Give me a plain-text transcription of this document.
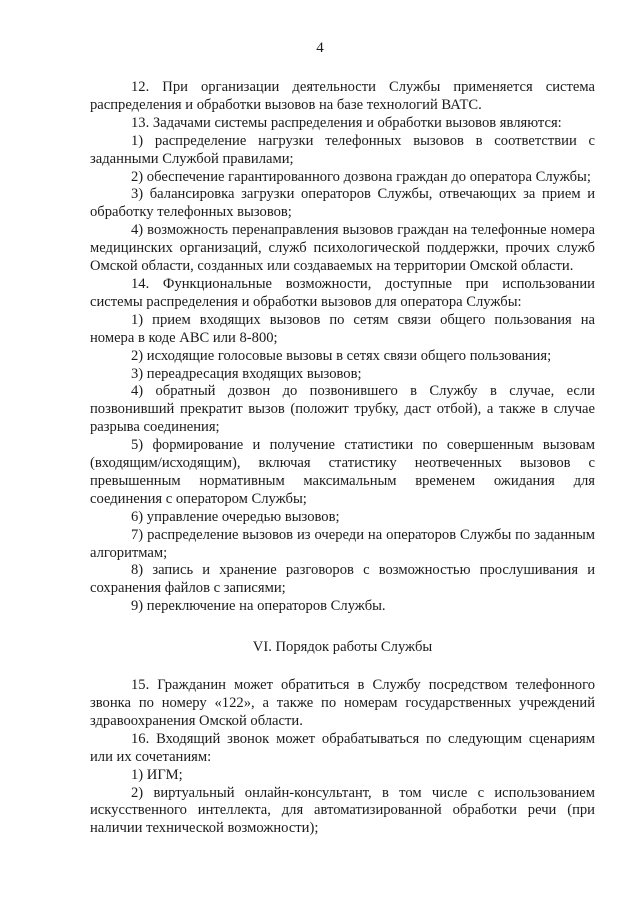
4

12. При организации деятельности Службы применяется система распределения и обработки вызовов на базе технологий ВАТС.

13. Задачами системы распределения и обработки вызовов являются:

1) распределение нагрузки телефонных вызовов в соответствии с заданными Службой правилами;

2) обеспечение гарантированного дозвона граждан до оператора Службы;

3) балансировка загрузки операторов Службы, отвечающих за прием и обработку телефонных вызовов;

4) возможность перенаправления вызовов граждан на телефонные номера медицинских организаций, служб психологической поддержки, прочих служб Омской области, созданных или создаваемых на территории Омской области.

14. Функциональные возможности, доступные при использовании системы распределения и обработки вызовов для оператора Службы:

1) прием входящих вызовов по сетям связи общего пользования на номера в коде ABC или 8-800;

2) исходящие голосовые вызовы в сетях связи общего пользования;

3) переадресация входящих вызовов;

4) обратный дозвон до позвонившего в Службу в случае, если позвонивший прекратит вызов (положит трубку, даст отбой), а также в случае разрыва соединения;

5) формирование и получение статистики по совершенным вызовам (входящим/исходящим), включая статистику неотвеченных вызовов с превышенным нормативным максимальным временем ожидания для соединения с оператором Службы;

6) управление очередью вызовов;

7) распределение вызовов из очереди на операторов Службы по заданным алгоритмам;

8) запись и хранение разговоров с возможностью прослушивания и сохранения файлов с записями;

9) переключение на операторов Службы.

VI. Порядок работы Службы

15. Гражданин может обратиться в Службу посредством телефонного звонка по номеру «122», а также по номерам государственных учреждений здравоохранения Омской области.

16. Входящий звонок может обрабатываться по следующим сценариям или их сочетаниям:

1) ИГМ;

2) виртуальный онлайн-консультант, в том числе с использованием искусственного интеллекта, для автоматизированной обработки речи (при наличии технической возможности);
